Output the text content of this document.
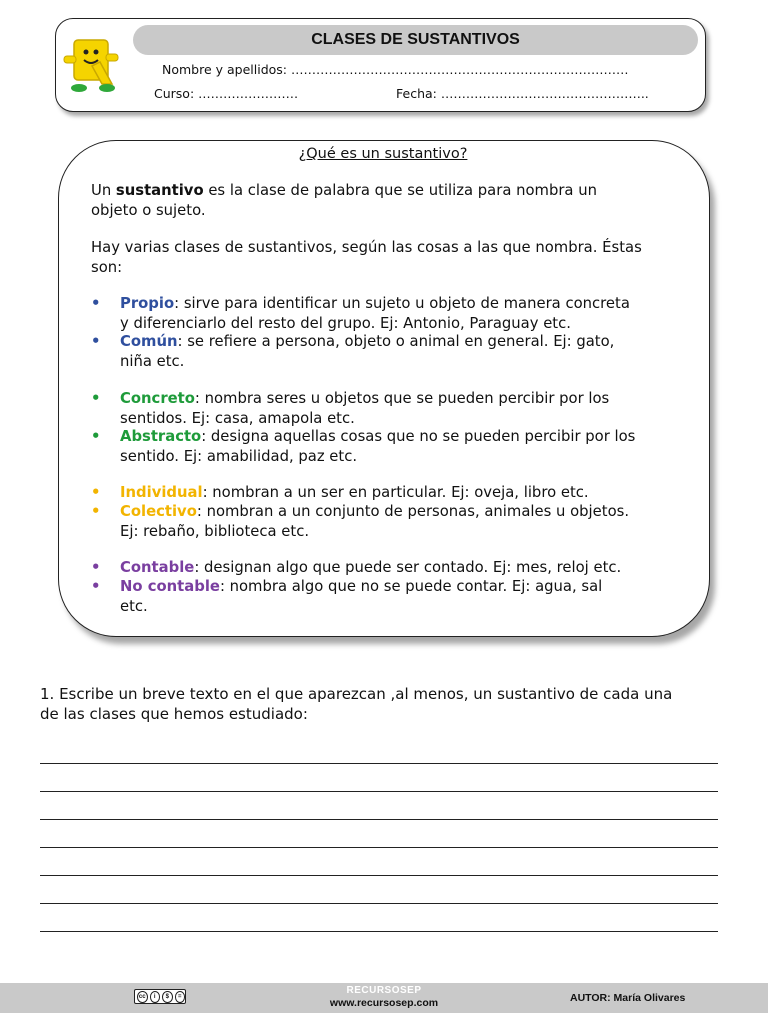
CLASES DE SUSTANTIVOS
Nombre y apellidos: ………………………………………………………………………
Curso: ……………………	Fecha: …………………………………………..
¿Qué es un sustantivo?
Un sustantivo es la clase de palabra que se utiliza para nombra un
objeto o sujeto.
Hay varias clases de sustantivos, según las cosas a las que nombra. Éstas
son:
• Propio: sirve para identificar un sujeto u objeto de manera concreta
y diferenciarlo del resto del grupo. Ej: Antonio, Paraguay etc.
• Común: se refiere a persona, objeto o animal en general. Ej: gato,
niña etc.
• Concreto: nombra seres u objetos que se pueden percibir por los
sentidos. Ej: casa, amapola etc.
• Abstracto: designa aquellas cosas que no se pueden percibir por los
sentido. Ej: amabilidad, paz etc.
• Individual: nombran a un ser en particular. Ej: oveja, libro etc.
• Colectivo: nombran a un conjunto de personas, animales u objetos.
Ej: rebaño, biblioteca etc.
• Contable: designan algo que puede ser contado. Ej: mes, reloj etc.
• No contable: nombra algo que no se puede contar. Ej: agua, sal
etc.
1. Escribe un breve texto en el que aparezcan ,al menos, un sustantivo de cada una
de las clases que hemos estudiado:
cc	i	$	=
RECURSOSEP
www.recursosep.com	AUTOR: María Olivares
